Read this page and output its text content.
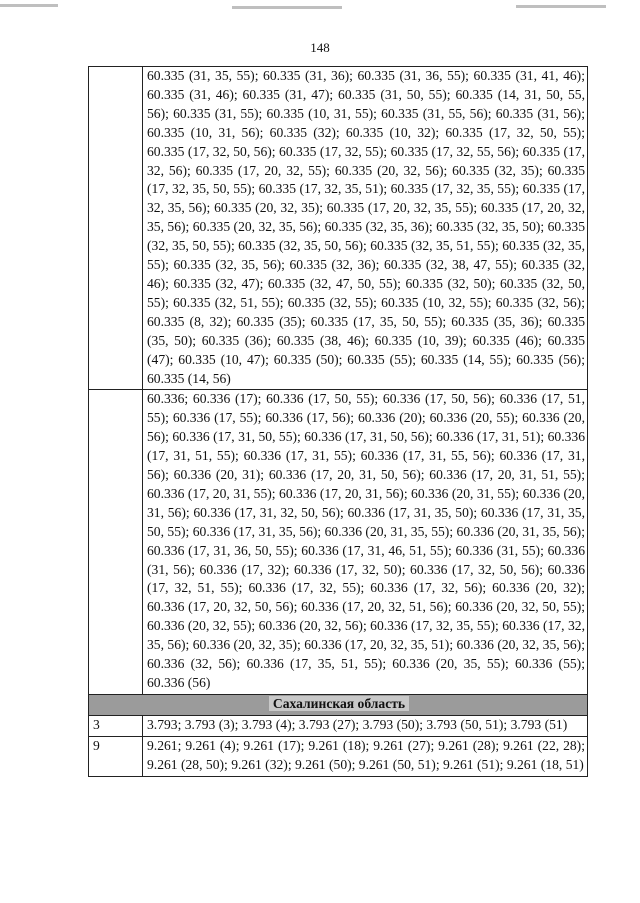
148
	60.335 (31, 35, 55); 60.335 (31, 36); 60.335 (31, 36, 55); 60.335 (31, 41, 46); 60.335 (31, 46); 60.335 (31, 47); 60.335 (31, 50, 55); 60.335 (14, 31, 50, 55, 56); 60.335 (31, 55); 60.335 (10, 31, 55); 60.335 (31, 55, 56); 60.335 (31, 56); 60.335 (10, 31, 56); 60.335 (32); 60.335 (10, 32); 60.335 (17, 32, 50, 55); 60.335 (17, 32, 50, 56); 60.335 (17, 32, 55); 60.335 (17, 32, 55, 56); 60.335 (17, 32, 56); 60.335 (17, 20, 32, 55); 60.335 (20, 32, 56); 60.335 (32, 35); 60.335 (17, 32, 35, 50, 55); 60.335 (17, 32, 35, 51); 60.335 (17, 32, 35, 55); 60.335 (17, 32, 35, 56); 60.335 (20, 32, 35); 60.335 (17, 20, 32, 35, 55); 60.335 (17, 20, 32, 35, 56); 60.335 (20, 32, 35, 56); 60.335 (32, 35, 36); 60.335 (32, 35, 50); 60.335 (32, 35, 50, 55); 60.335 (32, 35, 50, 56); 60.335 (32, 35, 51, 55); 60.335 (32, 35, 55); 60.335 (32, 35, 56); 60.335 (32, 36); 60.335 (32, 38, 47, 55); 60.335 (32, 46); 60.335 (32, 47); 60.335 (32, 47, 50, 55); 60.335 (32, 50); 60.335 (32, 50, 55); 60.335 (32, 51, 55); 60.335 (32, 55); 60.335 (10, 32, 55); 60.335 (32, 56); 60.335 (8, 32); 60.335 (35); 60.335 (17, 35, 50, 55); 60.335 (35, 36); 60.335 (35, 50); 60.335 (36); 60.335 (38, 46); 60.335 (10, 39); 60.335 (46); 60.335 (47); 60.335 (10, 47); 60.335 (50); 60.335 (55); 60.335 (14, 55); 60.335 (56); 60.335 (14, 56)
	60.336; 60.336 (17); 60.336 (17, 50, 55); 60.336 (17, 50, 56); 60.336 (17, 51, 55); 60.336 (17, 55); 60.336 (17, 56); 60.336 (20); 60.336 (20, 55); 60.336 (20, 56); 60.336 (17, 31, 50, 55); 60.336 (17, 31, 50, 56); 60.336 (17, 31, 51); 60.336 (17, 31, 51, 55); 60.336 (17, 31, 55); 60.336 (17, 31, 55, 56); 60.336 (17, 31, 56); 60.336 (20, 31); 60.336 (17, 20, 31, 50, 56); 60.336 (17, 20, 31, 51, 55); 60.336 (17, 20, 31, 55); 60.336 (17, 20, 31, 56); 60.336 (20, 31, 55); 60.336 (20, 31, 56); 60.336 (17, 31, 32, 50, 56); 60.336 (17, 31, 35, 50); 60.336 (17, 31, 35, 50, 55); 60.336 (17, 31, 35, 56); 60.336 (20, 31, 35, 55); 60.336 (20, 31, 35, 56); 60.336 (17, 31, 36, 50, 55); 60.336 (17, 31, 46, 51, 55); 60.336 (31, 55); 60.336 (31, 56); 60.336 (17, 32); 60.336 (17, 32, 50); 60.336 (17, 32, 50, 56); 60.336 (17, 32, 51, 55); 60.336 (17, 32, 55); 60.336 (17, 32, 56); 60.336 (20, 32); 60.336 (17, 20, 32, 50, 56); 60.336 (17, 20, 32, 51, 56); 60.336 (20, 32, 50, 55); 60.336 (20, 32, 55); 60.336 (20, 32, 56); 60.336 (17, 32, 35, 55); 60.336 (17, 32, 35, 56); 60.336 (20, 32, 35); 60.336 (17, 20, 32, 35, 51); 60.336 (20, 32, 35, 56); 60.336 (32, 56); 60.336 (17, 35, 51, 55); 60.336 (20, 35, 55); 60.336 (55); 60.336 (56)
Сахалинская область	
3	3.793; 3.793 (3); 3.793 (4); 3.793 (27); 3.793 (50); 3.793 (50, 51); 3.793 (51)
9	9.261; 9.261 (4); 9.261 (17); 9.261 (18); 9.261 (27); 9.261 (28); 9.261 (22, 28); 9.261 (28, 50); 9.261 (32); 9.261 (50); 9.261 (50, 51); 9.261 (51); 9.261 (18, 51)
